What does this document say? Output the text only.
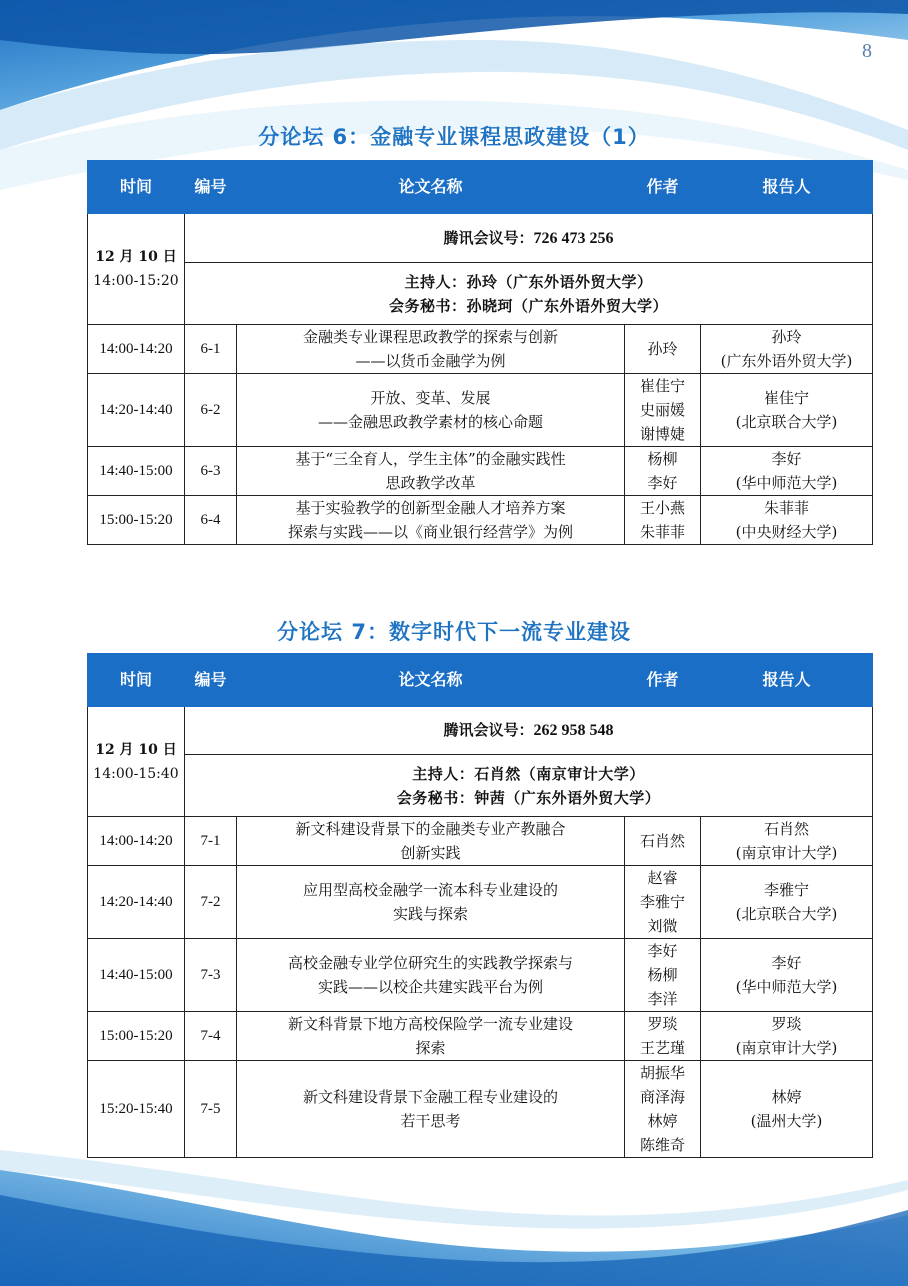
8
分论坛 6：金融专业课程思政建设（1）
时间	编号	论文名称	作者	报告人

12 月 10 日
14:00-15:20	腾讯会议号：726 473 256			

	主持人：孙玲（广东外语外贸大学）
会务秘书：孙晓珂（广东外语外贸大学）			

14:00-14:20	6-1	金融类专业课程思政教学的探索与创新
——以货币金融学为例	孙玲	孙玲
(广东外语外贸大学)

14:20-14:40	6-2	开放、变革、发展
——金融思政教学素材的核心命题	崔佳宁
史丽媛
谢博婕	崔佳宁
(北京联合大学)

14:40-15:00	6-3	基于“三全育人，学生主体”的金融实践性
思政教学改革	杨柳
李好	李好
(华中师范大学)

15:00-15:20	6-4	基于实验教学的创新型金融人才培养方案
探索与实践——以《商业银行经营学》为例	王小燕
朱菲菲	朱菲菲
(中央财经大学)
分论坛 7：数字时代下一流专业建设
时间	编号	论文名称	作者	报告人

12 月 10 日
14:00-15:40	腾讯会议号：262 958 548			

	主持人：石肖然（南京审计大学）
会务秘书：钟茜（广东外语外贸大学）			

14:00-14:20	7-1	新文科建设背景下的金融类专业产教融合
创新实践	石肖然	石肖然
(南京审计大学)

14:20-14:40	7-2	应用型高校金融学一流本科专业建设的
实践与探索	赵睿
李雅宁
刘微	李雅宁
(北京联合大学)

14:40-15:00	7-3	高校金融专业学位研究生的实践教学探索与
实践——以校企共建实践平台为例	李好
杨柳
李洋	李好
(华中师范大学)

15:00-15:20	7-4	新文科背景下地方高校保险学一流专业建设
探索	罗琰
王艺瑾	罗琰
(南京审计大学)

15:20-15:40	7-5	新文科建设背景下金融工程专业建设的
若干思考	胡振华
商泽海
林婷
陈维奇	林婷
(温州大学)
